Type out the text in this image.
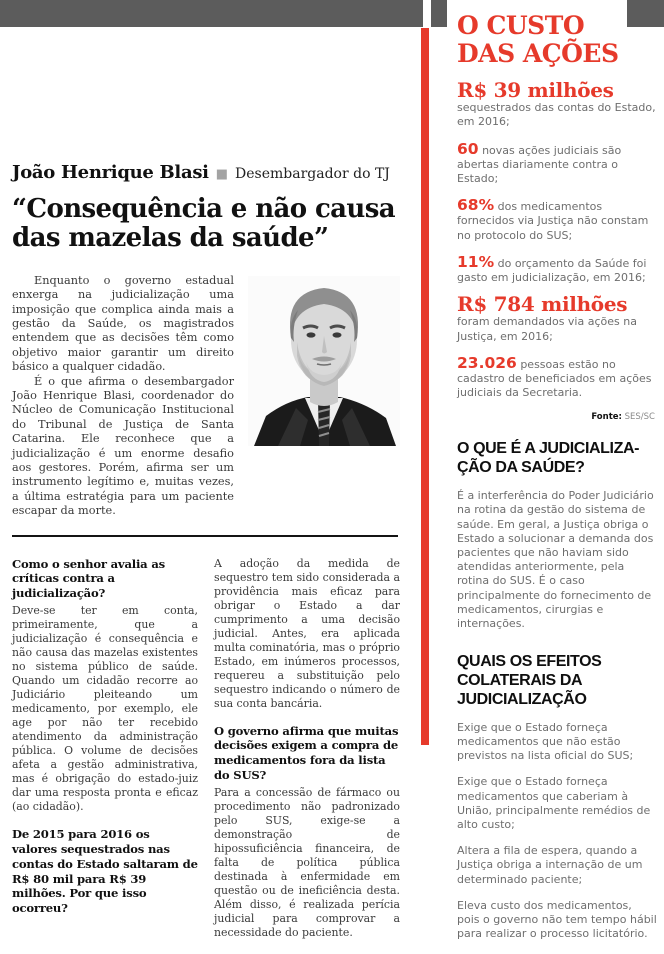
João Henrique Blasi ■ Desembargador do TJ
“Consequência e não causa
das mazelas da saúde”

Enquanto o governo estadual enxerga na judicialização uma imposição que complica ainda mais a gestão da Saúde, os magistrados entendem que as decisões têm como objetivo maior garantir um direito básico a qualquer cidadão.

É o que afirma o desembargador João Henrique Blasi, coordenador do Núcleo de Comunicação Institucional do Tribunal de Justiça de Santa Catarina. Ele reconhece que a judicialização é um enorme desafio aos gestores. Porém, afirma ser um instrumento legítimo e, muitas vezes, a última estratégia para um paciente escapar da morte.

Como o senhor avalia as críticas contra a judicialização?

Deve-se ter em conta, primeiramente, que a judicialização é consequência e não causa das mazelas existentes no sistema público de saúde. Quando um cidadão recorre ao Judiciário pleiteando um medicamento, por exemplo, ele age por não ter recebido atendimento da administração pública. O volume de decisões afeta a gestão administrativa, mas é obrigação do estado-juiz dar uma resposta pronta e eficaz (ao cidadão).

De 2015 para 2016 os valores sequestrados nas contas do Estado saltaram de R$ 80 mil para R$ 39 milhões. Por que isso ocorreu?

A adoção da medida de sequestro tem sido considerada a providência mais eficaz para obrigar o Estado a dar cumprimento a uma decisão judicial. Antes, era aplicada multa cominatória, mas o próprio Estado, em inúmeros processos, requereu a substituição pelo sequestro indicando o número de sua conta bancária.

O governo afirma que muitas decisões exigem a compra de medicamentos fora da lista do SUS?

Para a concessão de fármaco ou procedimento não padronizado pelo SUS, exige-se a demonstração de hipossuficiência financeira, de falta de política pública destinada à enfermidade em questão ou de ineficiência desta. Além disso, é realizada perícia judicial para comprovar a necessidade do paciente.

O CUSTO
DAS AÇÕES

R$ 39 milhões sequestrados das contas do Estado, em 2016;

60 novas ações judiciais são abertas diariamente contra o Estado;

68% dos medicamentos fornecidos via Justiça não constam no protocolo do SUS;

11% do orçamento da Saúde foi gasto em judicialização, em 2016;

R$ 784 milhões foram demandados via ações na Justiça, em 2016;

23.026 pessoas estão no cadastro de beneficiados em ações judiciais da Secretaria.

Fonte: SES/SC

O QUE É A JUDICIALIZA-
ÇÃO DA SAÚDE?

É a interferência do Poder Judiciário na rotina da gestão do sistema de saúde. Em geral, a Justiça obriga o Estado a solucionar a demanda dos pacientes que não haviam sido atendidas anteriormente, pela rotina do SUS. É o caso principalmente do fornecimento de medicamentos, cirurgias e internações.

QUAIS OS EFEITOS
COLATERAIS DA
JUDICIALIZAÇÃO

Exige que o Estado forneça medicamentos que não estão previstos na lista oficial do SUS;

Exige que o Estado forneça medicamentos que caberiam à União, principalmente remédios de alto custo;

Altera a fila de espera, quando a Justiça obriga a internação de um determinado paciente;

Eleva custo dos medicamentos, pois o governo não tem tempo hábil para realizar o processo licitatório.
